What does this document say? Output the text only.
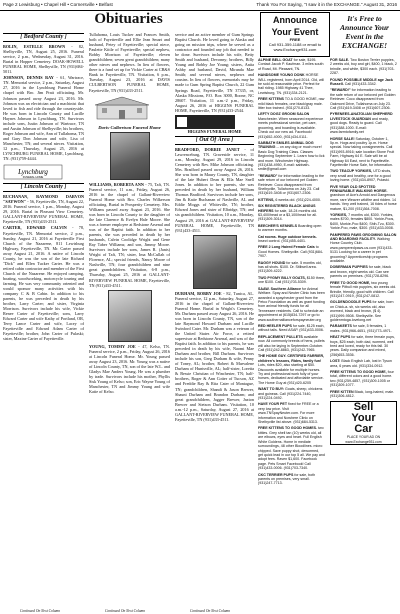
Page 2 Lewisburg • Chapel Hill • Cornersville • Belfast	Thank You For Saying, "I saw it in the EXCHANGE." August 31, 2016
Obituaries
[ Bedford County ]

BOLIN, ESTELLE BROWN - 82, Shelbyville, TN, August 25, 2016. Funeral service, 2 p.m., Wednesday, August 31, 2016. Burial in Hopper Cemetery. DOAK-HOWELL FUNERAL HOME, Shelbyville, TN (931)684-5011.

JOHNSON, DENNIS RAY - 61, Wartrace, TN. Memorial service, 2 p.m., Saturday, August 27, 2016 in the Lynchburg Funeral Home chapel with Bro. Jim Pratt officiating. Mr. Johnson passed away August 23, 2016. Mr. Johnson was an electrician and a machinist that loved to fish and ride through the countryside. He was born in Lincoln County and Lucille Haynes Johnson in Lynchburg, TN. Survivors include sons, Justin Johnson of Wartrace, TN and Austin Johnson of Shelbyville; his brothers, Roger Johnson and wife, Ann of Tullahoma, TN and Gary Don Johnson and wife, Lisa of Manchester, TN; and several nieces. Visitation, 12 p.m., Thursday, August 25, 2016 at LYNCHBURG FUNERAL HOME, Lynchburg, TN. (931)759-4444.

Lynchburg
FUNERAL HOME
[ Lincoln County ]

BUCHANAN, RAYMOND DARVON "SAYWON" - 56, Fayetteville, TN, August 22, 2016. Funeral service, 1 p.m., Monday, August 29, 2016. Burial in Pleasant View Cemetery. GALLANT-RIVERVIEW FUNERAL HOME, Fayetteville, TN (931)433-2511.

CARTER, EDWARD CALVIN - 78, Fayetteville, TN. Memorial service, 2 p.m., Sunday, August 21, 2016 at Fayetteville First Church of the Nazarene, 811 Lewisburg Highway, Fayetteville, TN. Mr. Carter passed away August 21, 2016. A native of Lincoln County, he was the son of the late Richard "Dick" and Ellen Tucker Carter. He was a retired cabin contractor and member of the First Church of the Nazarene. He enjoyed camping, boating, woodworking, motorcycle touring and farming. He was very community oriented and would sponsor many activities with his company C & B Cabin. In addition to his parents, he was preceded in death by his brother, Larry Carter; and sister, Virginia Morrison. Survivors include his wife, Vickie Renee Carter of Fayetteville; sons, Larry Edward Carter and wife Kathy of Portland, OR, Terry Lance Carter and wife, Lacey of Fayetteville and Edward Adam Carter of Fayetteville; brother, John Carter of Pulaski; sister, Maxine Carter of Fayetteville.

Tullahoma, Louis Tucker and Frances Smith, both of Fayetteville and Ellie Jean Smart and husband, Petey of Fayetteville; special niece, Paulette Kittle of Fayetteville; special nephew, Bobby Morrison of Fayetteville; eleven grandchildren; seven great grandchildren; many other nieces and nephews. In lieu of flowers, there is a fund set up for Vickie Carter at CB&S Bank in Fayetteville, TN. Visitation, 6 p.m., Tuesday, August 23, 2016 at DAVIS CULBERTSON FUNERAL HOME, Fayetteville, TN (931)433-2511.

Davis-Culbertson Funeral Home

WILLIAMS, ROBERTA ANN - 75, Taft, TN. Funeral service, 11 a.m., Friday, August 26, 2016 in the chapel of Gallant-Riverview Funeral Home with Bro. Charles Wilkerson officiating. Burial in Prosperity Cemetery. Mrs. Williams passed away August 23, 2016. She was born in Lincoln County to the daughter of the late Clarence & Evelyn Hale Moore. She was a former employee at Redstone Arsenal and was of the Baptist faith. In addition to her parents, she was preceded in death by her husbands, Calvin Coolidge Wright and Gene Ray Taber Williams; and son, Jimmy Moore. Survivors include her sons, James R. (Janis) Wright of Taft, TN; sister, Ima McCullah of Florence, AL; special friends, Nancy Moore of Nashville, TN; four grandchildren and nine great grandchildren. Visitation, 6-8 p.m., Thursday, August 25, 2016 at GALLANT-RIVERVIEW FUNERAL HOME, Fayetteville, TN (931)433-4511.

YOUNG, TOMMY JOE - 47, Kelso, TN. Funeral service, 2 p.m., Friday, August 26, 2016 at Lincoln Funeral Home. Mr. Young passed away August 23, 2016. Mr. Young was a native of Lincoln County, TN, son of the late W.L. and Gladys Mae Anders Young. He was a plumber by trade. Survivors include his mother, Phyllis Sisk Young of Kelso; son, Eric Wayne Young of Manchester, TN and Jimmy Young and wife Katie of Kelso.

service and an active member of Gum Springs Baptist Church. He loved going to Alaska and going on mission trips, where he served as a contractor and founded any job that needed to be done. Survivors include his wife, Betty Smith and husband, Devonny; brothers, Billy Young and Bobby Joe Young; sisters, Anita Ashby and husband, David, Miranda Mae Smith; and several nieces, nephews and cousins. In lieu of flowers, memorials may be made to Gum Spring Baptist Church, 22 Gum Springs Road, Fayetteville, TN 37335, or, Alaska Missions, P.O. Box 3000, Boone, NC 28607. Visitation, 11 a.m.-2 p.m., Friday, August 26, 2016 at HIGGINS FUNERAL HOME, Fayetteville, TN (931)433-2544.

HIGGINS FUNERAL HOME
[ Out Of Area ]

BRADFORD, DORRIE JANET - of Lawrenceburg, TN. Graveside service, 11 a.m., Monday, August 29, 2016 in Lincoln Cemetery with Rev. Mike Johnson officiating. Mrs. Bradford passed away August 26, 2016. She was born in Maury County, TN, daughter of the late Hubert Dean & Ella Mae Snell Jones. In addition to her parents, she was preceded in death by her husband, William Thomas Bradford. Survivors include her sons, Jim & Katie Buchanan of Nashville, AL and Eddie Moggs of Whiteville, TN; brother, Edward Jones and sister of Elbridge, TN; and six grandchildren. Visitation, 10 a.m., Monday, August 29, 2016 at GALLANT-RIVERVIEW FUNERAL HOME, Fayetteville, TN (931)433-4511.

DURHAM, BOBBY JOE - 82, Tunica, AL. Funeral service, 12 p.m., Saturday, August 27, 2016 in the chapel of Gallant-Riverview Funeral Home. Burial in Wright's Cemetery. Mr. Durham passed away August 26, 2016. He was born in Lincoln County, TN, son of the late Raymond Howard Durham and Lucille Swinford Cater. Mr. Durham was a veteran of the United States Air Force, a retired supervisor at Redstone Arsenal, and was of the Baptist faith. In addition to his parents, he was preceded in death by his wife, Naomi Mae Durham and brother, Bill Durham. Survivors include his son, Greg Durham & wife, Penny of Toney, AL; brother, Robert & Marvalene Durham of Huntsville, AL; half-sister, Loretta & Bessie Christian of Winchester, TN; half-brothers, Roger & Ann Cotter of Tucson, AZ and Freddie Ray & Rita Cater of Montague, TN; grandchildren, Shandi & Jason Brewer, Shauni Durham and Brandon Durham; and great grandchildren, Jagger Brewer, Jaxton Brewer and Stetson Durham. Visitation, 10 a.m.-12 p.m., Saturday, August 27, 2016 at GALLANT-RIVERVIEW FUNERAL HOME, Fayetteville, TN (931)433-4511.

Announce
Your Event
FREE
Call 931-359-1188 or email to www.Exchange931.com
It's Free to Announce Your Event in the EXCHANGE!
ALPINE BELL GOAT for sale, $195. Contact Jacob P. Kaufman. 3 miles south of Road, Mt. Pleasant, TN.
HANDSOME YOUNG DONK HORSE WILL registered, born April 2014. Old, will be sold at reasonable price. Perfect for trail riding. 1985 Highway 41 Thee, Lewisburg, TN. (931)334-2121.
FREE KITTENS TO A GOOD HOME, raw mild black females, one black/gray male. litter box trained. (931)270-8133.
LEFTY DOGZ GROOM SALON Manchester. When seasoned experience meets professional service, pet care, grooming, and boarding is available. Check out our new ad. Facebook! (931)652-4000, (931)434-0111.
SABBATH SMILES ANIMAL DOG TRAINING -- on any dog or much more! Basic Dog Training Class. Classes Beginning September 1. Learn how to lick and more. Winchester Highway. (931)438-4950, E-mail: sabbath-smile@gmail.com
"REWARD" for information leading to the safe return of our beloved pet Golden Retriever. Coco disappeared from Shelbyville, Tullahoma on July 23. Call (931)619-3408 or (931)607-2306.
KITTENS, 6 weeks old. (931)224-4000.
SIX REGISTERED BLACK ANGUS HEIFERS for sale, 18-24 months old. $3,400/head or a $3,100/head for all. (931)309-3014.
BEECHER'S KENNELS Boarding open to warmer months.
Cat rooms. Huge outdoor kennels. Insect control. (931)455-4401.
FREE 2 Long Haired Female Cats to Good Homes. Shelbyville. Call (931)684-7907.
RAGGY HOUND for sale. 5 months old, has all shots. $100. Dr. Stillwell area. (931)309-4222.
TWO PYGMY BILLY GOATS, $150 three, one $100. Call (931)703-5309.
SAAW. Southern Alliance for Animal Welfare. Spay and Neuter Clinic has been awarded a spay/neuter grant from the Petco Foundation as well as grant funding from animal friendly funds for all Tennessee residents. Call to schedule an appointment at (615)834-7297 or go to www.southernallianceforspayneuter.org
RED HEELER PUPS for sale, $125 each, without tails. Need ASAP. (931)433-0006.
REPLACEMENT PULLETS available now. All commonly breeds of hens, pullets will also be laying in September-October. Call (931)242-8863, (931)242-7965.
THE HOME GUY. CERTIFIED FARRIER, children's lessons, Rides, family fun! Lots, rides $20, also starting at $50. Discounts available for multiple horses. Try and professional work fully of your horses, dedicated and affordable service. The Home Guy at (931)420-6205
WANT TO BUY: Goats, sheep, chickens and guineas. Call (931)224-7440, (931)224-0492.
HAVE YOUR PET fixed for FREE or a very low price. Visit www.TNSpayNeuter.com. For more information and Nowhere Clinic on Shelbyville list above. (931)684-5313.
FREE KITTENS TO GOOD HOMES. two kitties. Grey shell tan (10) weeks old, all are elbows, eyes and heart. Full English White Goldens. Home in mediate surroundings, 48 other Bloodlines. micro chipped. Save puppy shot, dewormed, get quick lead in our top 5 all. We pay and adopt fees. Raven $1,600. Facebook page. Pets Smart Facebook! Call (931)433-0006. (931)703-7340.
CKC TERRIER PUPS for sale, both parents on premises, very small. (931)247-7713.
FOR SALE. Two Boston Terrier puppies, 2 weeks old, boy and girl, $400, 1 black, 2 brindle, and white, $300 each. (931)703-2287.
FOUND POSSIBLE MIDDLE age Jack Russell. Call (931)433-3342.
"REWARD!" for information leading to the safe return of our beloved pet Golden Retriever. Coco disappeared from Oakmont Drive, Tullahoma on July 23. Call (931)619-3408 or (931)607-2306.
PYRENEES-ANATOLIAN SHEPHERD LIVESTOCK GUARDIAN and ready, good dogs. Ready to guard. Call (931)388-1000. E-mail: www.farmtofamily.net
HORSE SALE! Saturday, October 1, 5p.m. Hogs and poultry 1p.m. Horse special. Now taking consignments. Call (931)993-8916; sale location Stone Fruit Farm, Highway 64 E. Sale will be at Highway 64 East, next to Fayetteville. Fayetteville Horse Sale, for information.
TWO TEACUP YORKIES, UTD shots, very small and healthy, one for a good loving home. (931)434-8907, Pulaski.
FIVE YEAR OLD SPOTTED FENNARABLE WALKING HORSE. grandson of Ace's Arnold and Dangerous more, rare Weaver wildfire and ridden. 14 hands. Very well trained, 16 tides of horse mature, $1,200 (931)364-7008.
YORKIES, 7 months old, $300. Yorkies, males $700, females $800. Yorkie-Poos, $400, Morkie-Poo $400, Shih-Tzu, $300. Yorkie-Poo, male, $300. (931)433-0008.
PAMPERED PAWS GROOMING SALON AND BOARDING FACILITY. Walking Horse Country Club. www.pamperedpaws-us.com (931)433-5131 Looking for a career in pet grooming? Apprenticeship programs available.
DOBERMAN PUPPIES for sale, black and brown, eight weeks old. Can see parents on premises. (931)728-8296.
FREE TO GOOD HOME, two young female Pitbull mix puppies, six weeks old. Brindle, friendly, good with children. Call (931)247-0919, (931)247-0812.
GOLDENDOODLE PUPS for sale, born on Chick-a- sh, six weeks old, also wormed, black and brown, ($ 4). (931)999-9508. Shelbyville. See goldenmtoga.lovelong.net
PARAKEETS for sale, 5 females, 1 males. (931)966-4651, (931)773-4971.
HEAT PUPS for sale, three female pups, boys, $25 each, both dad, wormed, well bred and loved, ready for this fall. 30 years. Daily companion and mixed, (256)653-3536.
LOST: Black English Lab, lost in Tyson area, 6 years old. (931)334-0912.
FREE KITTENS TO GOOD HOME, four total, different colors and a good home. two (931)259-4857, (931)309-1005 or (931)309-1077.
FREE KITTEN Black, long-haired, male. (931)306-4812.
Sell
Your
Car
PLACE YOUR AD ON www.Exchange931.com
Continued On Next Column	Continued On Next Column	Continued On Next Column
